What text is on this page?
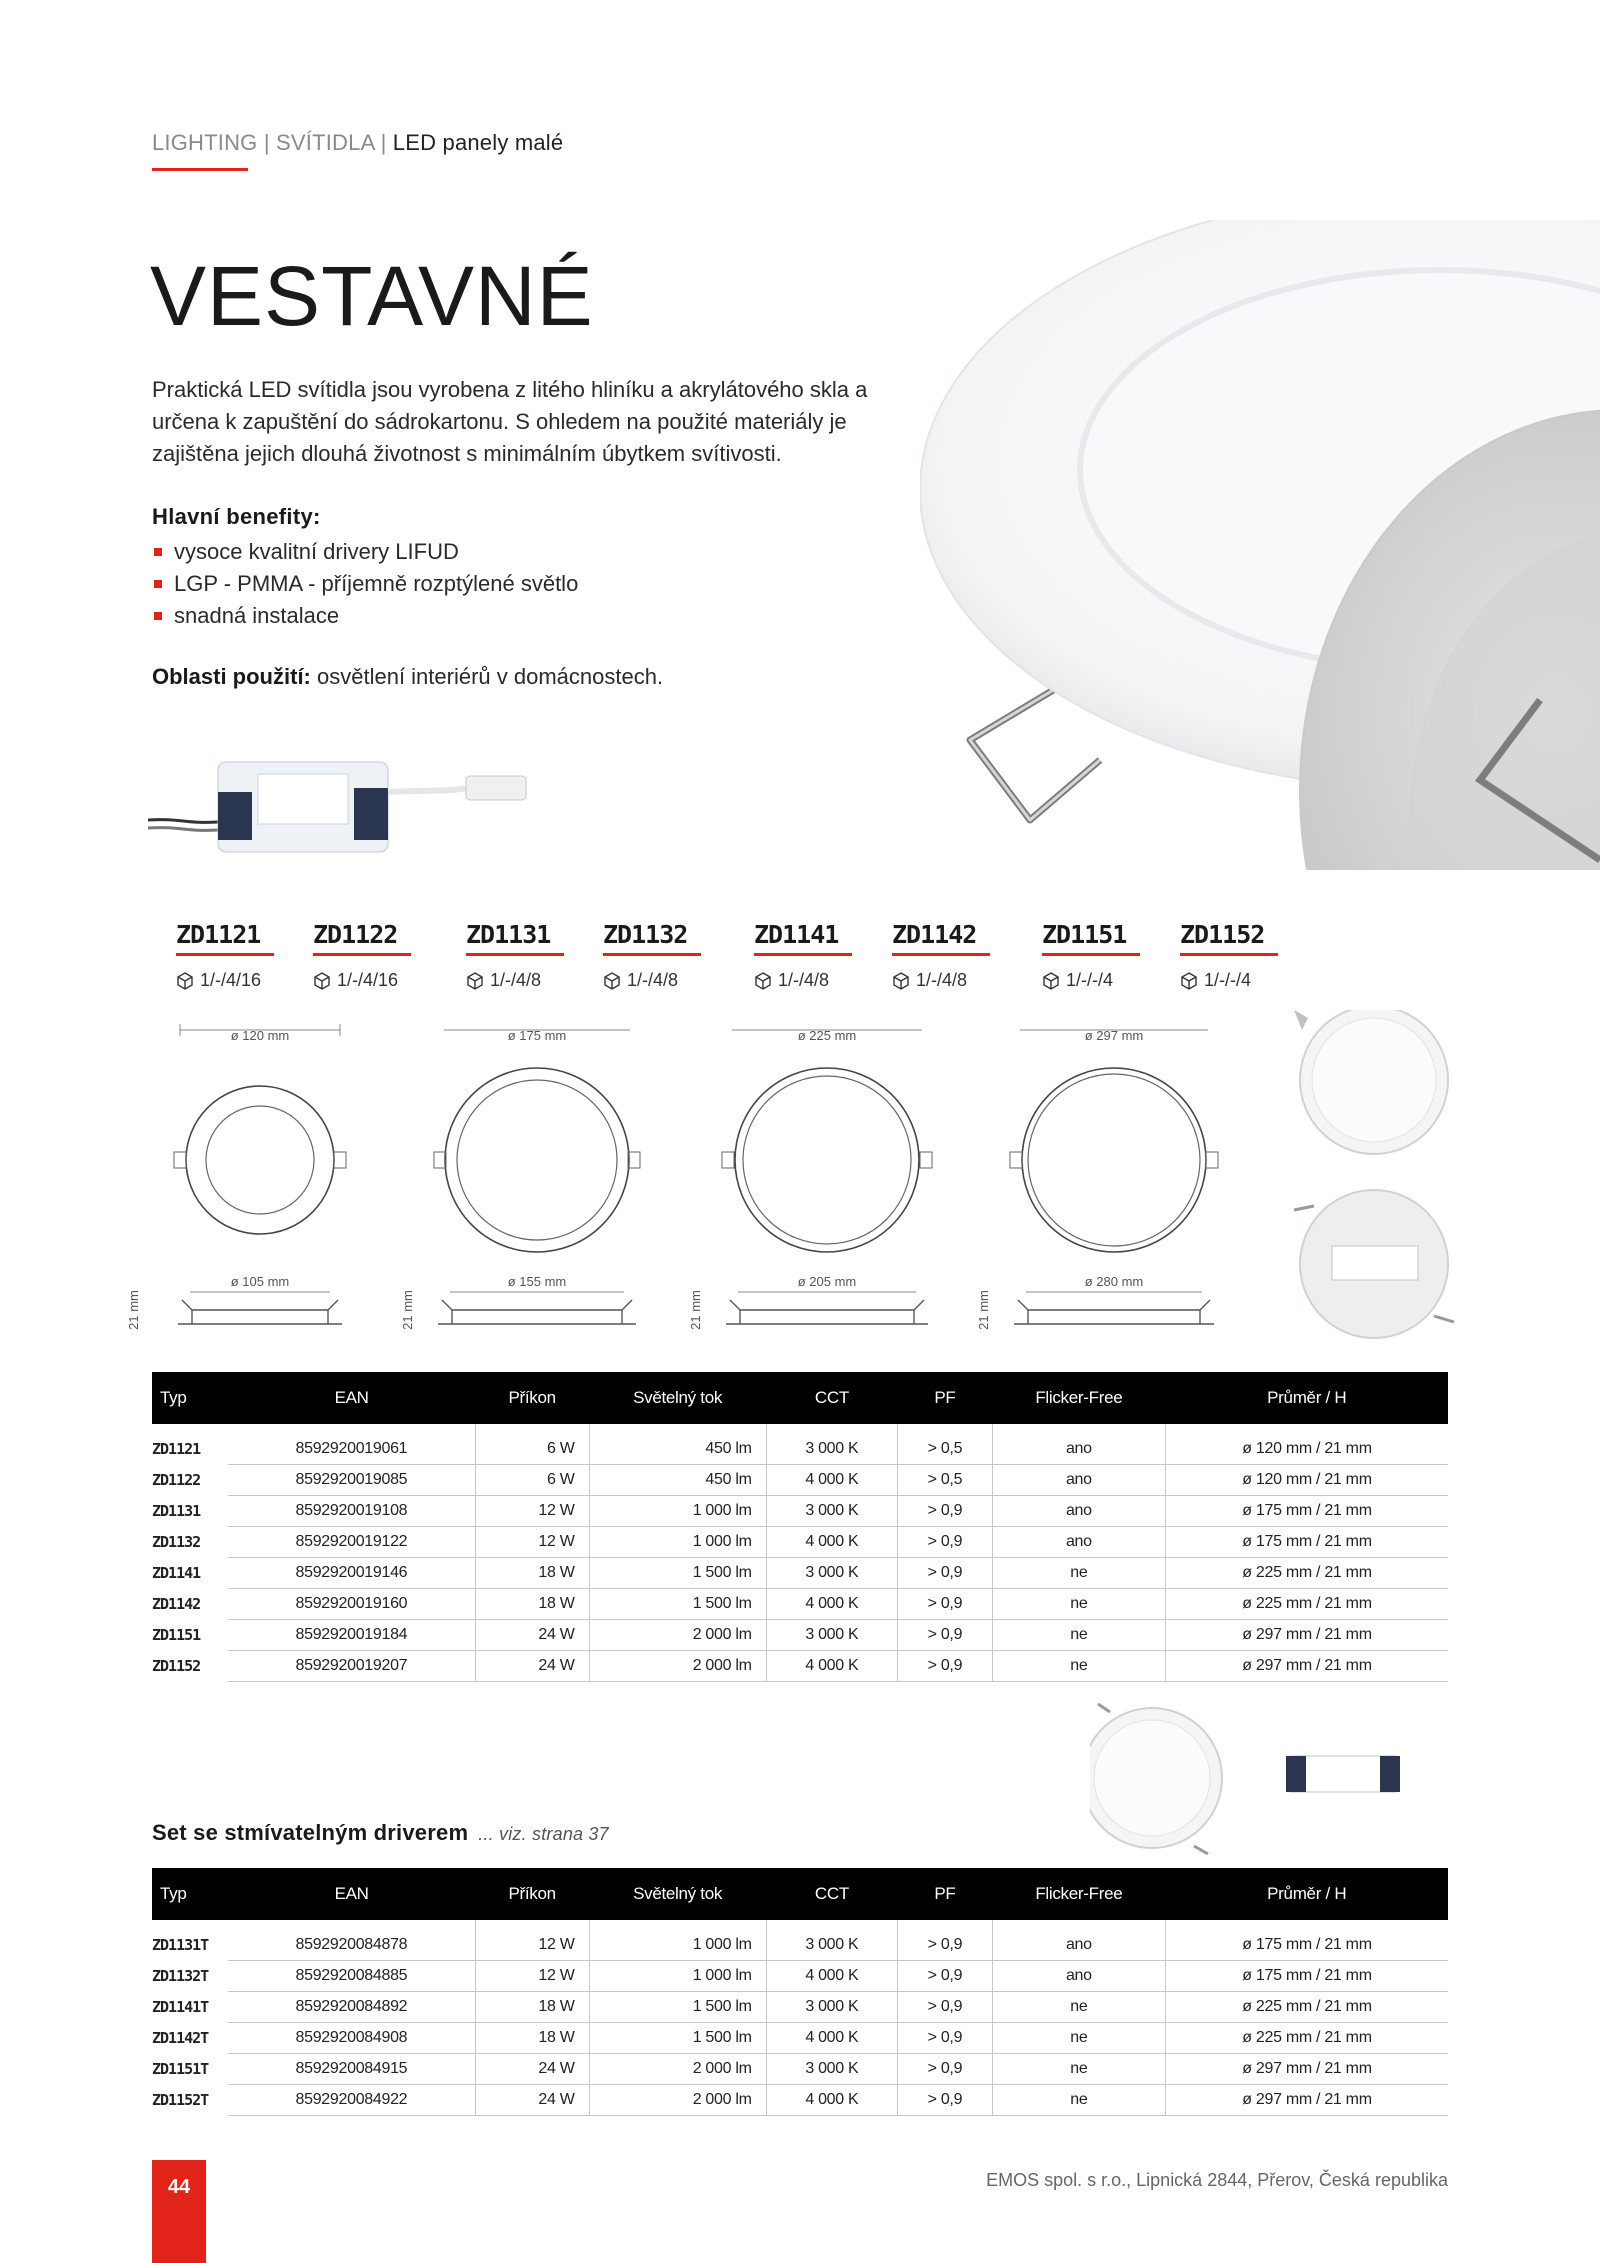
LIGHTING | SVÍTIDLA | LED panely malé
VESTAVNÉ
Praktická LED svítidla jsou vyrobena z litého hliníku a akrylátového skla a určena k zapuštění do sádrokartonu. S ohledem na použité materiály je zajištěna jejich dlouhá životnost s minimálním úbytkem svítivosti.
Hlavní benefity:
vysoce kvalitní drivery LIFUD
LGP - PMMA - příjemně rozptýlené světlo
snadná instalace
Oblasti použití: osvětlení interiérů v domácnostech.
ZD1121
1/-/4/16
ZD1122
1/-/4/16
ZD1131
1/-/4/8
ZD1132
1/-/4/8
ZD1141
1/-/4/8
ZD1142
1/-/4/8
ZD1151
1/-/-/4
ZD1152
1/-/-/4
ø 120 mm
ø 105 mm
21 mm
ø 175 mm
ø 155 mm
21 mm
ø 225 mm
ø 205 mm
21 mm
ø 297 mm
ø 280 mm
21 mm
Typ	EAN	Příkon	Světelný tok	CCT	PF	Flicker-Free	Průměr / H
ZD1121	8592920019061	6 W	450 lm	3 000 K	> 0,5	ano	ø 120 mm / 21 mm
ZD1122	8592920019085	6 W	450 lm	4 000 K	> 0,5	ano	ø 120 mm / 21 mm
ZD1131	8592920019108	12 W	1 000 lm	3 000 K	> 0,9	ano	ø 175 mm / 21 mm
ZD1132	8592920019122	12 W	1 000 lm	4 000 K	> 0,9	ano	ø 175 mm / 21 mm
ZD1141	8592920019146	18 W	1 500 lm	3 000 K	> 0,9	ne	ø 225 mm / 21 mm
ZD1142	8592920019160	18 W	1 500 lm	4 000 K	> 0,9	ne	ø 225 mm / 21 mm
ZD1151	8592920019184	24 W	2 000 lm	3 000 K	> 0,9	ne	ø 297 mm / 21 mm
ZD1152	8592920019207	24 W	2 000 lm	4 000 K	> 0,9	ne	ø 297 mm / 21 mm
Set se stmívatelným driverem ... viz. strana 37
Typ	EAN	Příkon	Světelný tok	CCT	PF	Flicker-Free	Průměr / H
ZD1131T	8592920084878	12 W	1 000 lm	3 000 K	> 0,9	ano	ø 175 mm / 21 mm
ZD1132T	8592920084885	12 W	1 000 lm	4 000 K	> 0,9	ano	ø 175 mm / 21 mm
ZD1141T	8592920084892	18 W	1 500 lm	3 000 K	> 0,9	ne	ø 225 mm / 21 mm
ZD1142T	8592920084908	18 W	1 500 lm	4 000 K	> 0,9	ne	ø 225 mm / 21 mm
ZD1151T	8592920084915	24 W	2 000 lm	3 000 K	> 0,9	ne	ø 297 mm / 21 mm
ZD1152T	8592920084922	24 W	2 000 lm	4 000 K	> 0,9	ne	ø 297 mm / 21 mm
44	EMOS spol. s r.o., Lipnická 2844, Přerov, Česká republika
